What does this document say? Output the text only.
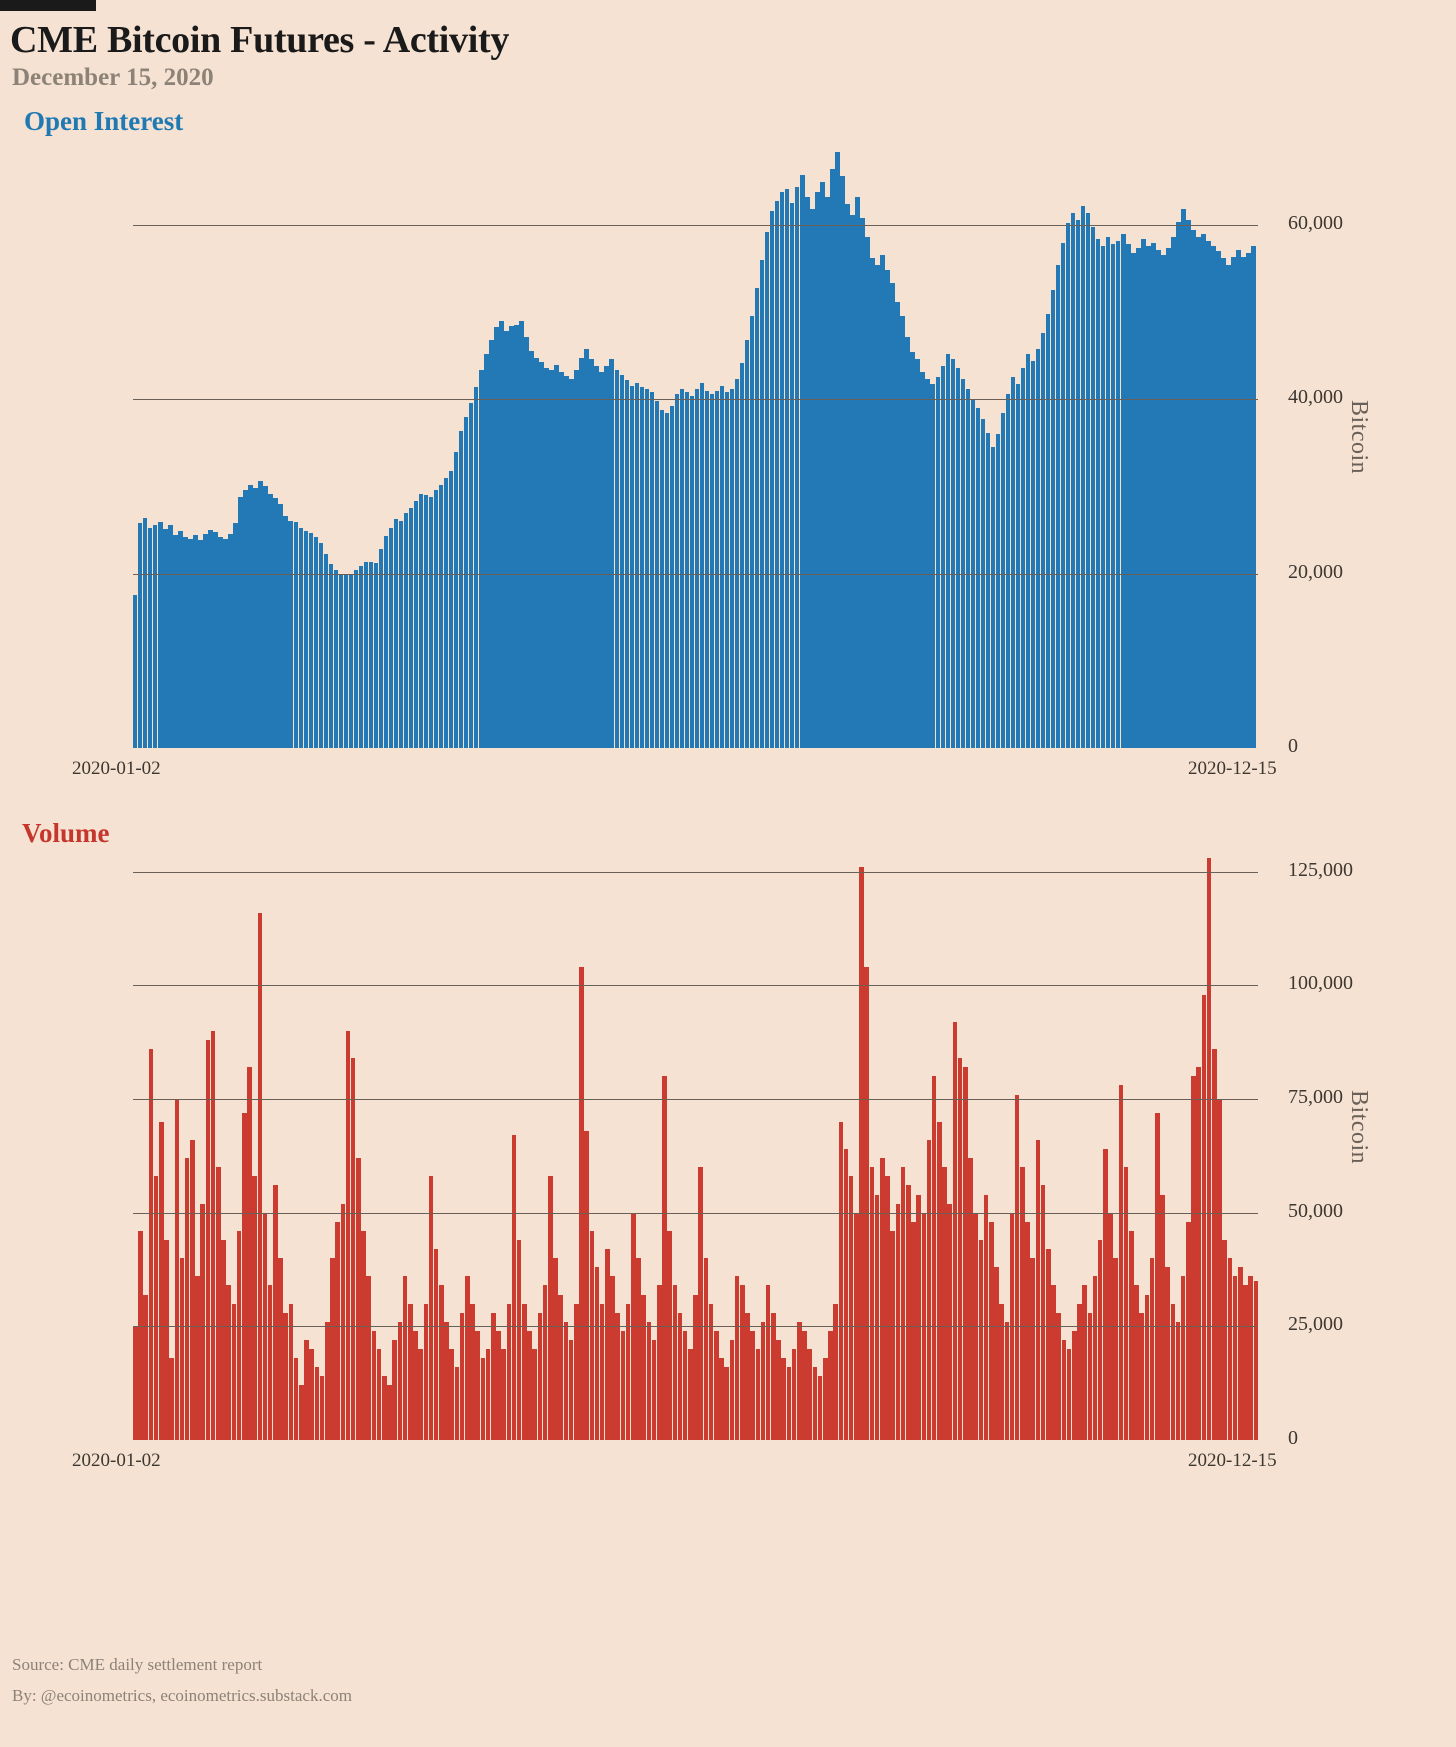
CME Bitcoin Futures - Activity
December 15, 2020
Open Interest
Volume
0
20,000
40,000
60,000
2020-01-02	2020-12-15
Bitcoin
0
25,000
50,000
75,000
100,000
125,000
2020-01-02	2020-12-15
Bitcoin
Source: CME daily settlement report
By: @ecoinometrics, ecoinometrics.substack.com
